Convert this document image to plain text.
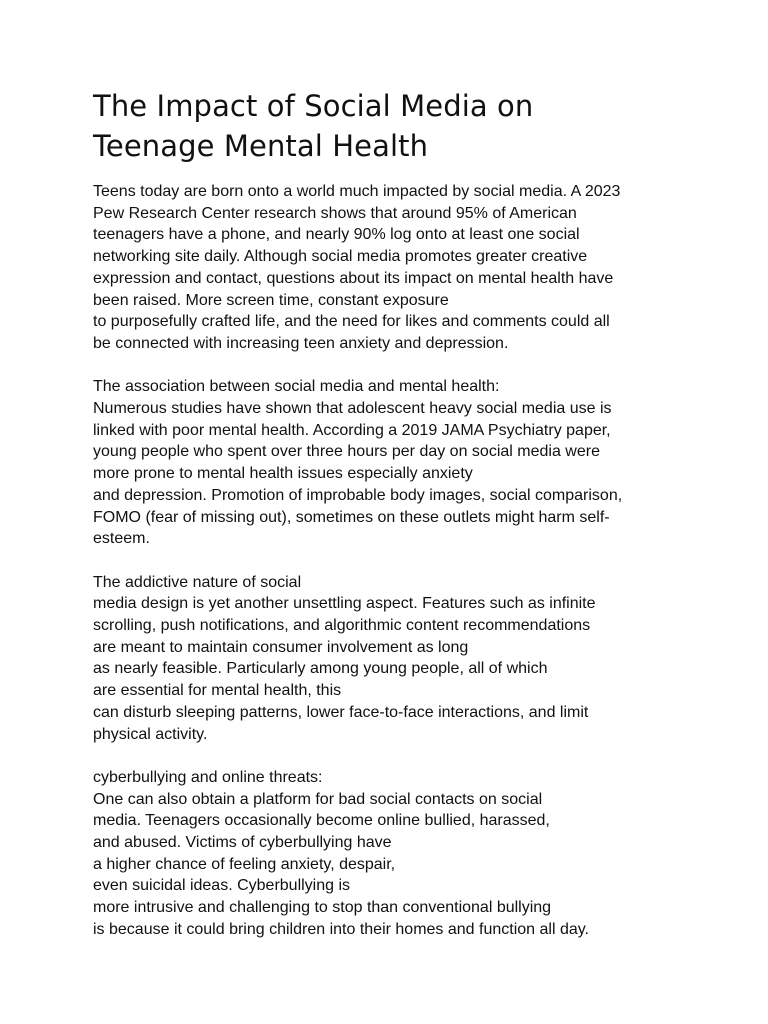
The Impact of Social Media on
Teenage Mental Health
Teens today are born onto a world much impacted by social media. A 2023
Pew Research Center research shows that around 95% of American
teenagers have a phone, and nearly 90% log onto at least one social
networking site daily. Although social media promotes greater creative
expression and contact, questions about its impact on mental health have
been raised. More screen time, constant exposure
to purposefully crafted life, and the need for likes and comments could all
be connected with increasing teen anxiety and depression.
The association between social media and mental health:
Numerous studies have shown that adolescent heavy social media use is
linked with poor mental health. According a 2019 JAMA Psychiatry paper,
young people who spent over three hours per day on social media were
more prone to mental health issues especially anxiety
and depression. Promotion of improbable body images, social comparison,
FOMO (fear of missing out), sometimes on these outlets might harm self-
esteem.
The addictive nature of social
media design is yet another unsettling aspect. Features such as infinite
scrolling, push notifications, and algorithmic content recommendations
are meant to maintain consumer involvement as long
as nearly feasible. Particularly among young people, all of which
are essential for mental health, this
can disturb sleeping patterns, lower face-to-face interactions, and limit
physical activity.
cyberbullying and online threats:
One can also obtain a platform for bad social contacts on social
media. Teenagers occasionally become online bullied, harassed,
and abused. Victims of cyberbullying have
a higher chance of feeling anxiety, despair,
even suicidal ideas. Cyberbullying is
more intrusive and challenging to stop than conventional bullying
is because it could bring children into their homes and function all day.
